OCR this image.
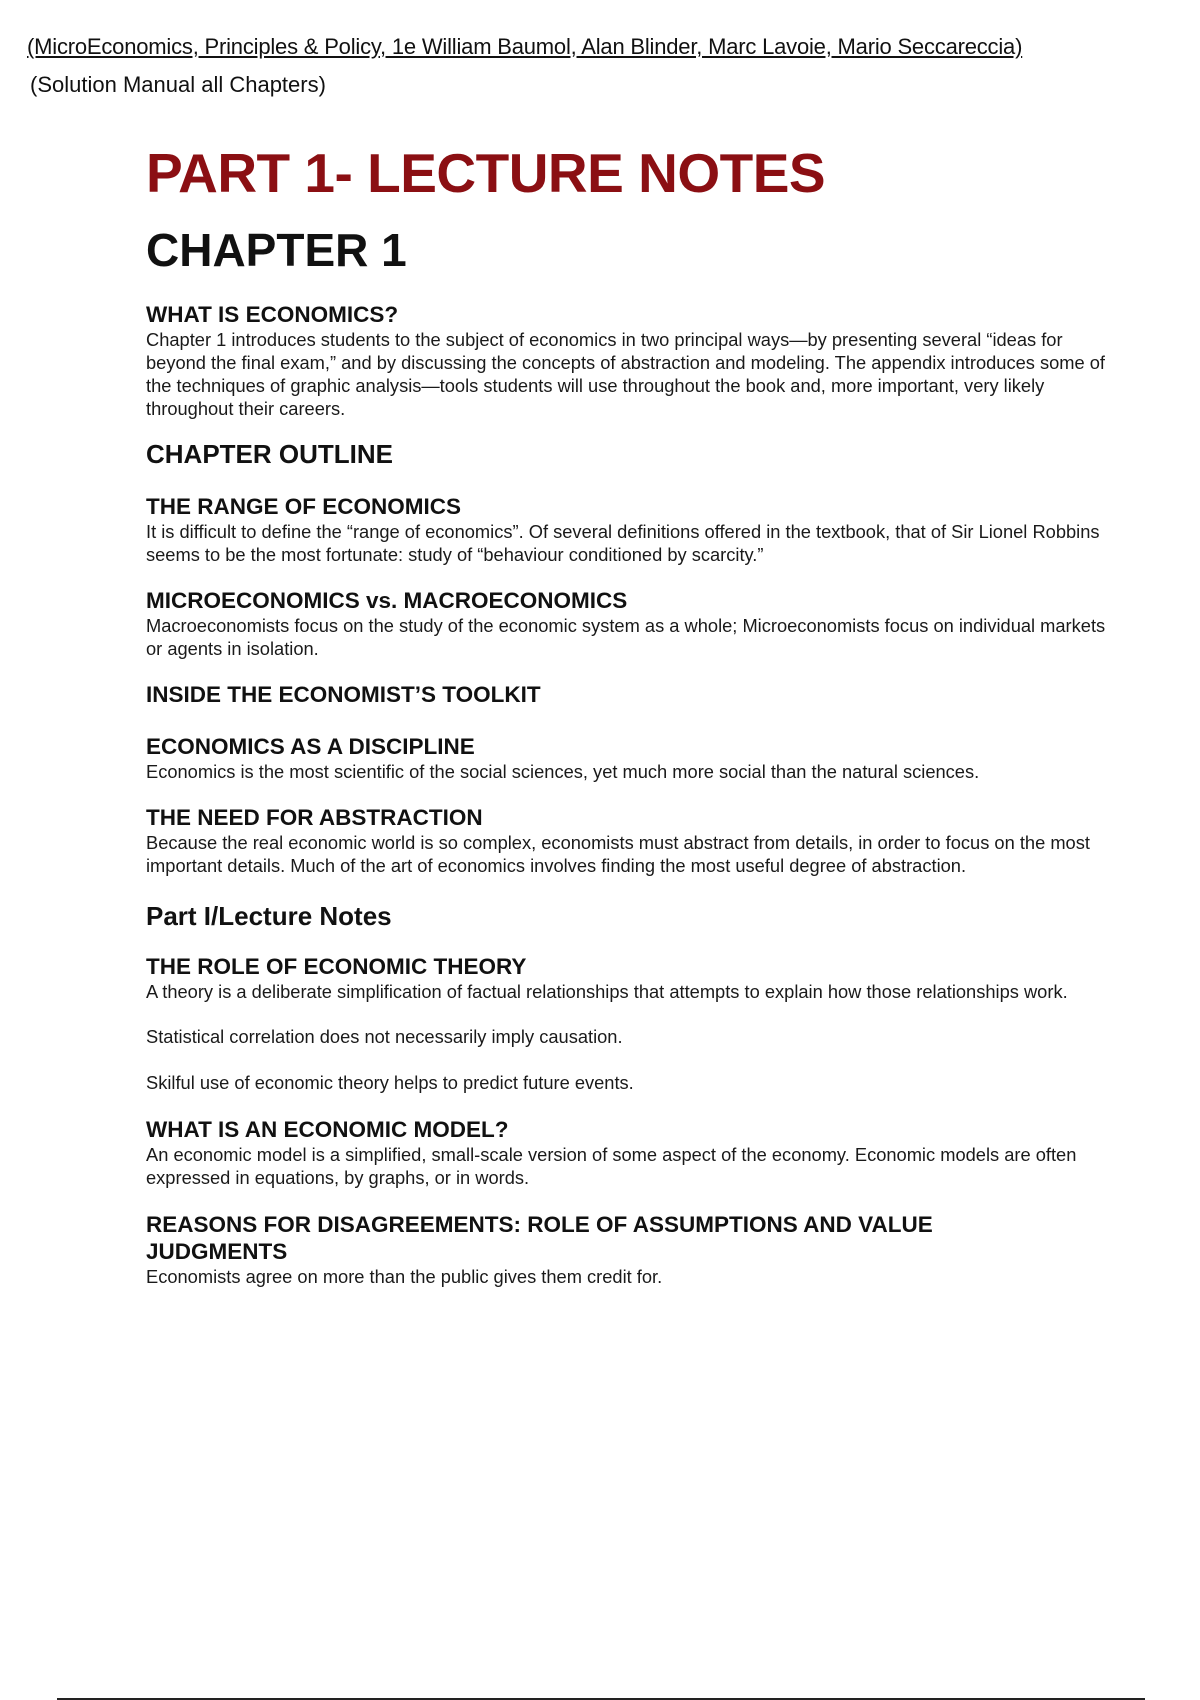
(MicroEconomics, Principles & Policy, 1e William Baumol, Alan Blinder, Marc Lavoie, Mario Seccareccia)
(Solution Manual all Chapters)
PART 1- LECTURE NOTES
CHAPTER 1
WHAT IS ECONOMICS?

Chapter 1 introduces students to the subject of economics in two principal ways—by presenting several “ideas for beyond the final exam,” and by discussing the concepts of abstraction and modeling. The appendix introduces some of the techniques of graphic analysis—tools students will use throughout the book and, more important, very likely throughout their careers.

CHAPTER OUTLINE
THE RANGE OF ECONOMICS

It is difficult to define the “range of economics”. Of several definitions offered in the textbook, that of Sir Lionel Robbins seems to be the most fortunate: study of “behaviour conditioned by scarcity.”

MICROECONOMICS vs. MACROECONOMICS

Macroeconomists focus on the study of the economic system as a whole; Microeconomists focus on individual markets or agents in isolation.

INSIDE THE ECONOMIST’S TOOLKIT
ECONOMICS AS A DISCIPLINE

Economics is the most scientific of the social sciences, yet much more social than the natural sciences.

THE NEED FOR ABSTRACTION

Because the real economic world is so complex, economists must abstract from details, in order to focus on the most important details. Much of the art of economics involves finding the most useful degree of abstraction.

Part I/Lecture Notes
THE ROLE OF ECONOMIC THEORY

A theory is a deliberate simplification of factual relationships that attempts to explain how those relationships work.

Statistical correlation does not necessarily imply causation.

Skilful use of economic theory helps to predict future events.

WHAT IS AN ECONOMIC MODEL?

An economic model is a simplified, small-scale version of some aspect of the economy. Economic models are often expressed in equations, by graphs, or in words.

REASONS FOR DISAGREEMENTS: ROLE OF ASSUMPTIONS AND VALUE JUDGMENTS

Economists agree on more than the public gives them credit for.
